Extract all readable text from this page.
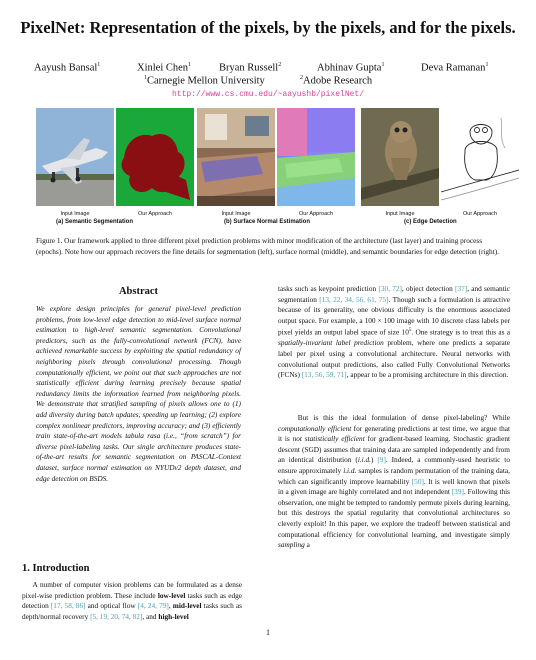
PixelNet: Representation of the pixels, by the pixels, and for the pixels.
Aayush Bansal$^1$	Xinlei Chen$^1$	Bryan Russell$^2$	Abhinav Gupta$^1$	Deva Ramanan$^1$
$^1$Carnegie Mellon University	$^2$Adobe Research
http://www.cs.cmu.edu/~aayushb/pixelNet/
Input Image	Our Approach	Input Image	Our Approach	Input Image	Our Approach
(a) Semantic Segmentation	(b) Surface Normal Estimation	(c) Edge Detection
Figure 1. Our framework applied to three different pixel prediction problems with minor modification of the architecture (last layer) and training process (epochs). Note how our approach recovers the fine details for segmentation (left), surface normal (middle), and semantic boundaries for edge detection (right).
Abstract
We explore design principles for general pixel-level prediction problems, from low-level edge detection to mid-level surface normal estimation to high-level semantic segmentation. Convolutional predictors, such as the fully-convolutional network (FCN), have achieved remarkable success by exploiting the spatial redundancy of neighboring pixels through convolutional processing. Though computationally efficient, we point out that such approaches are not statistically efficient during learning precisely because spatial redundancy limits the information learned from neighboring pixels. We demonstrate that stratified sampling of pixels allows one to (1) add diversity during batch updates, speeding up learning; (2) explore complex nonlinear predictors, improving accuracy; and (3) efficiently train state-of-the-art models tabula rasa (i.e., “from scratch”) for diverse pixel-labeling tasks. Our single architecture produces state-of-the-art results for semantic segmentation on PASCAL-Context dataset, surface normal estimation on NYUDv2 depth dataset, and edge detection on BSDS.
1. Introduction

A number of computer vision problems can be formulated as a dense pixel-wise prediction problem. These include low-level tasks such as edge detection [17, 58, 86] and optical flow [4, 24, 79], mid-level tasks such as depth/normal recovery [5, 19, 20, 74, 82], and high-level

tasks such as keypoint prediction [30, 72], object detection [37], and semantic segmentation [13, 22, 34, 56, 61, 75]. Though such a formulation is attractive because of its generality, one obvious difficulty is the enormous associated output space. For example, a 100 × 100 image with 10 discrete class labels per pixel yields an output label space of size $10^5$. One strategy is to treat this as a spatially-invariant label prediction problem, where one predicts a separate label per pixel using a convolutional architecture. Neural networks with convolutional output predictions, also called Fully Convolutional Networks (FCNs) [13, 56, 59, 71], appear to be a promising architecture in this direction.

But is this the ideal formulation of dense pixel-labeling? While computationally efficient for generating predictions at test time, we argue that it is not statistically efficient for gradient-based learning. Stochastic gradient descent (SGD) assumes that training data are sampled independently and from an identical distribution (i.i.d.) [9]. Indeed, a commonly-used heuristic to ensure approximately i.i.d. samples is random permutation of the training data, which can significantly improve learnability [50]. It is well known that pixels in a given image are highly correlated and not independent [39]. Following this observation, one might be tempted to randomly permute pixels during learning, but this destroys the spatial regularity that convolutional architectures so cleverly exploit! In this paper, we explore the tradeoff between statistical and computational efficiency for convolutional learning, and investigate simply sampling a

1
